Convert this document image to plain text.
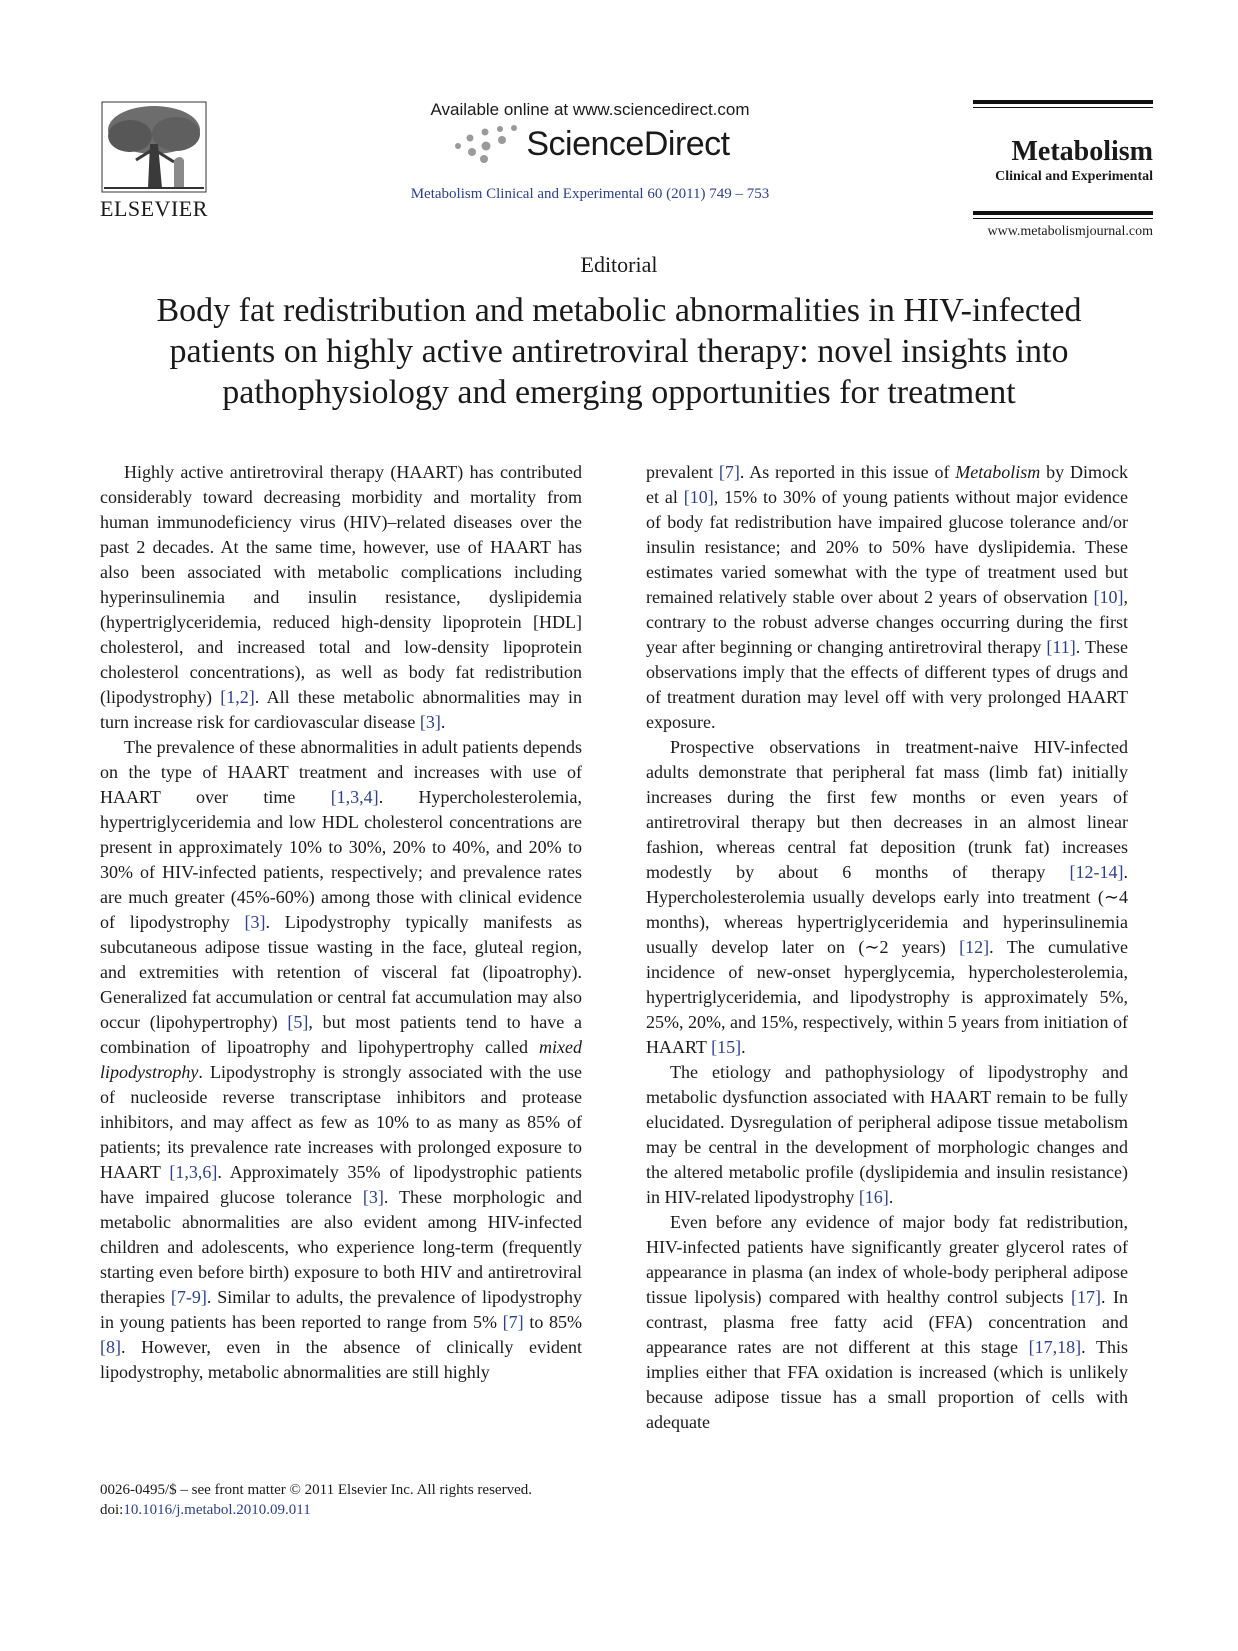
ELSEVIER
Available online at www.sciencedirect.com
ScienceDirect
Metabolism Clinical and Experimental 60 (2011) 749 – 753
Metabolism
Clinical and Experimental
www.metabolismjournal.com
Editorial
Body fat redistribution and metabolic abnormalities in HIV-infected patients on highly active antiretroviral therapy: novel insights into pathophysiology and emerging opportunities for treatment

Highly active antiretroviral therapy (HAART) has contributed considerably toward decreasing morbidity and mortality from human immunodeficiency virus (HIV)–related diseases over the past 2 decades. At the same time, however, use of HAART has also been associated with metabolic complications including hyperinsulinemia and insulin resistance, dyslipidemia (hypertriglyceridemia, reduced high-density lipoprotein [HDL] cholesterol, and increased total and low-density lipoprotein cholesterol concentrations), as well as body fat redistribution (lipodystrophy) [1,2]. All these metabolic abnormalities may in turn increase risk for cardiovascular disease [3].

The prevalence of these abnormalities in adult patients depends on the type of HAART treatment and increases with use of HAART over time [1,3,4]. Hypercholesterolemia, hypertriglyceridemia and low HDL cholesterol concentrations are present in approximately 10% to 30%, 20% to 40%, and 20% to 30% of HIV-infected patients, respectively; and prevalence rates are much greater (45%-60%) among those with clinical evidence of lipodystrophy [3]. Lipodystrophy typically manifests as subcutaneous adipose tissue wasting in the face, gluteal region, and extremities with retention of visceral fat (lipoatrophy). Generalized fat accumulation or central fat accumulation may also occur (lipohypertrophy) [5], but most patients tend to have a combination of lipoatrophy and lipohypertrophy called mixed lipodystrophy. Lipodystrophy is strongly associated with the use of nucleoside reverse transcriptase inhibitors and protease inhibitors, and may affect as few as 10% to as many as 85% of patients; its prevalence rate increases with prolonged exposure to HAART [1,3,6]. Approximately 35% of lipodystrophic patients have impaired glucose tolerance [3]. These morphologic and metabolic abnormalities are also evident among HIV-infected children and adolescents, who experience long-term (frequently starting even before birth) exposure to both HIV and antiretroviral therapies [7-9]. Similar to adults, the prevalence of lipodystrophy in young patients has been reported to range from 5% [7] to 85% [8]. However, even in the absence of clinically evident lipodystrophy, metabolic abnormalities are still highly

prevalent [7]. As reported in this issue of Metabolism by Dimock et al [10], 15% to 30% of young patients without major evidence of body fat redistribution have impaired glucose tolerance and/or insulin resistance; and 20% to 50% have dyslipidemia. These estimates varied somewhat with the type of treatment used but remained relatively stable over about 2 years of observation [10], contrary to the robust adverse changes occurring during the first year after beginning or changing antiretroviral therapy [11]. These observations imply that the effects of different types of drugs and of treatment duration may level off with very prolonged HAART exposure.

Prospective observations in treatment-naive HIV-infected adults demonstrate that peripheral fat mass (limb fat) initially increases during the first few months or even years of antiretroviral therapy but then decreases in an almost linear fashion, whereas central fat deposition (trunk fat) increases modestly by about 6 months of therapy [12-14]. Hypercholesterolemia usually develops early into treatment (∼4 months), whereas hypertriglyceridemia and hyperinsulinemia usually develop later on (∼2 years) [12]. The cumulative incidence of new-onset hyperglycemia, hypercholesterolemia, hypertriglyceridemia, and lipodystrophy is approximately 5%, 25%, 20%, and 15%, respectively, within 5 years from initiation of HAART [15].

The etiology and pathophysiology of lipodystrophy and metabolic dysfunction associated with HAART remain to be fully elucidated. Dysregulation of peripheral adipose tissue metabolism may be central in the development of morphologic changes and the altered metabolic profile (dyslipidemia and insulin resistance) in HIV-related lipodystrophy [16].

Even before any evidence of major body fat redistribution, HIV-infected patients have significantly greater glycerol rates of appearance in plasma (an index of whole-body peripheral adipose tissue lipolysis) compared with healthy control subjects [17]. In contrast, plasma free fatty acid (FFA) concentration and appearance rates are not different at this stage [17,18]. This implies either that FFA oxidation is increased (which is unlikely because adipose tissue has a small proportion of cells with adequate

0026-0495/$ – see front matter © 2011 Elsevier Inc. All rights reserved.
doi:10.1016/j.metabol.2010.09.011
